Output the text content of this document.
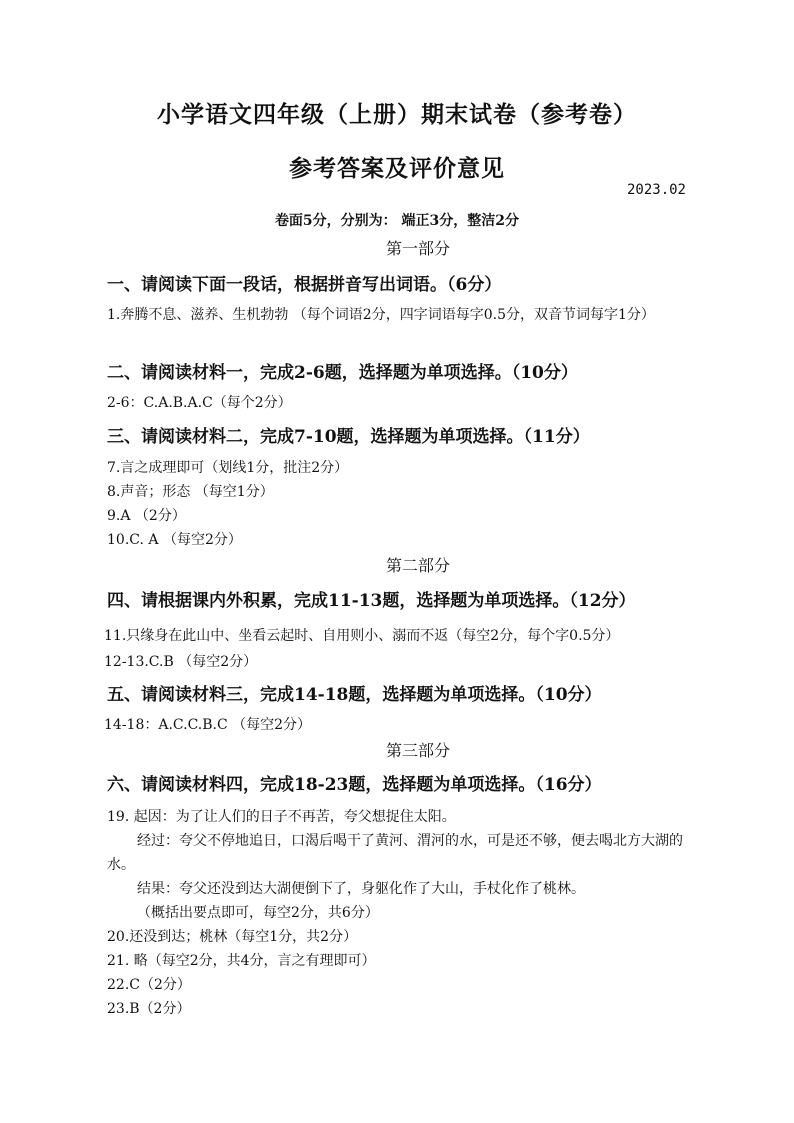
小学语文四年级（上册）期末试卷（参考卷）
参考答案及评价意见
2023.02
卷面5分，分别为： 端正3分，整洁2分
第一部分
一、请阅读下面一段话，根据拼音写出词语。（6分）
1.奔腾不息、滋养、生机勃勃 （每个词语2分，四字词语每字0.5分，双音节词每字1分）
二、请阅读材料一，完成2-6题，选择题为单项选择。（10分）
2-6：C.A.B.A.C（每个2分）
三、请阅读材料二，完成7-10题，选择题为单项选择。（11分）
7.言之成理即可（划线1分，批注2分）
8.声音；形态 （每空1分）
9.A （2分）
10.C. A （每空2分）
第二部分
四、请根据课内外积累，完成11-13题，选择题为单项选择。（12分）
11.只缘身在此山中、坐看云起时、自用则小、溺而不返（每空2分，每个字0.5分）
12-13.C.B （每空2分）
五、请阅读材料三，完成14-18题，选择题为单项选择。（10分）
14-18：A.C.C.B.C （每空2分）
第三部分
六、请阅读材料四，完成18-23题，选择题为单项选择。（16分）
19. 起因：为了让人们的日子不再苦，夸父想捉住太阳。
经过：夸父不停地追日，口渴后喝干了黄河、渭河的水，可是还不够，便去喝北方大湖的水。
结果：夸父还没到达大湖便倒下了，身躯化作了大山，手杖化作了桃林。
（概括出要点即可，每空2分，共6分）
20.还没到达；桃林（每空1分，共2分）
21. 略（每空2分，共4分，言之有理即可）
22.C（2分）
23.B（2分）
